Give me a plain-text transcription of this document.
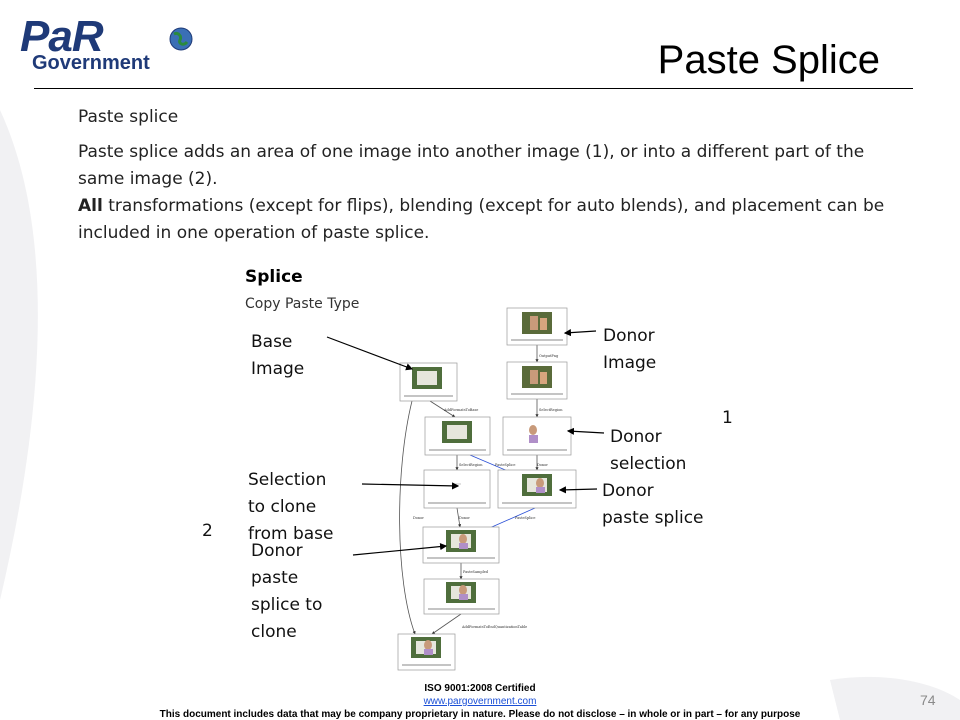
PaR
Government	Paste Splice
Paste splice
Paste splice adds an area of one image into another image (1), or into a different part of the same image (2).
All transformations (except for flips), blending (except for auto blends), and placement can be included in one operation of paste splice.
Splice
Copy Paste Type
OutputPng
AddFormatsToBase	SelectRegion
SelectRegion	PasteSplice	Donor
Donor	Donor	PasteSplice
PasteSampled
AddFormatsToEndQuantizationTable
Base
Image
Donor
Image
1
Donor
selection
Selection
to clone
from base
Donor
paste splice
2
Donor
paste
splice to
clone
ISO 9001:2008 Certified
www.pargovernment.com
This document includes data that may be company proprietary in nature. Please do not disclose – in whole or in part – for any purpose
74
